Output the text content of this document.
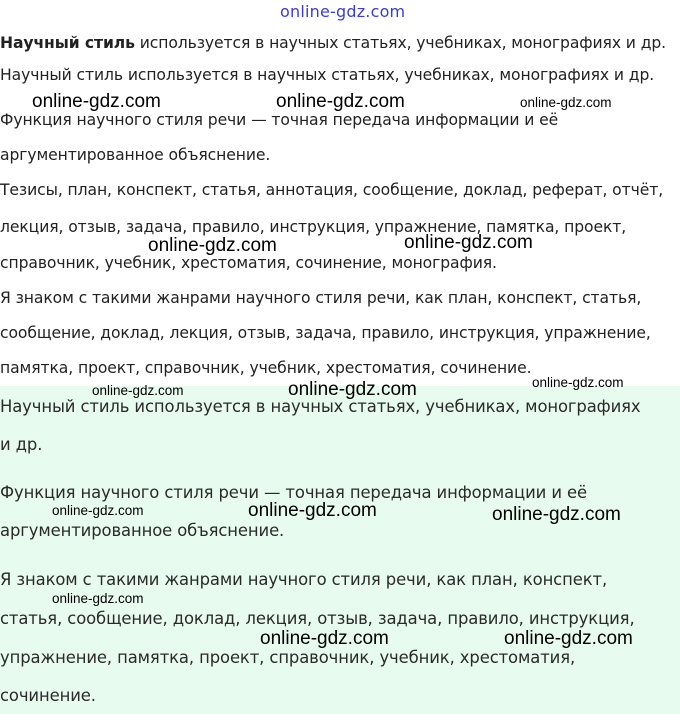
online-gdz.com

Научный стиль используется в научных статьях, учебниках, монографиях и др.

Научный стиль используется в научных статьях, учебниках, монографиях и др.

Функция научного стиля речи — точная передача информации и её

аргументированное объяснение.

Тезисы, план, конспект, статья, аннотация, сообщение, доклад, реферат, отчёт,

лекция, отзыв, задача, правило, инструкция, упражнение, памятка, проект,

справочник, учебник, хрестоматия, сочинение, монография.

Я знаком с такими жанрами научного стиля речи, как план, конспект, статья,

сообщение, доклад, лекция, отзыв, задача, правило, инструкция, упражнение,

памятка, проект, справочник, учебник, хрестоматия, сочинение.

Научный стиль используется в научных статьях, учебниках, монографиях

и др.

Функция научного стиля речи — точная передача информации и её

аргументированное объяснение.

Я знаком с такими жанрами научного стиля речи, как план, конспект,

статья, сообщение, доклад, лекция, отзыв, задача, правило, инструкция,

упражнение, памятка, проект, справочник, учебник, хрестоматия,

сочинение.

online-gdz.com	online-gdz.com	online-gdz.com
online-gdz.com	online-gdz.com
online-gdz.com	online-gdz.com	online-gdz.com
online-gdz.com	online-gdz.com	online-gdz.com
online-gdz.com
online-gdz.com	online-gdz.com
